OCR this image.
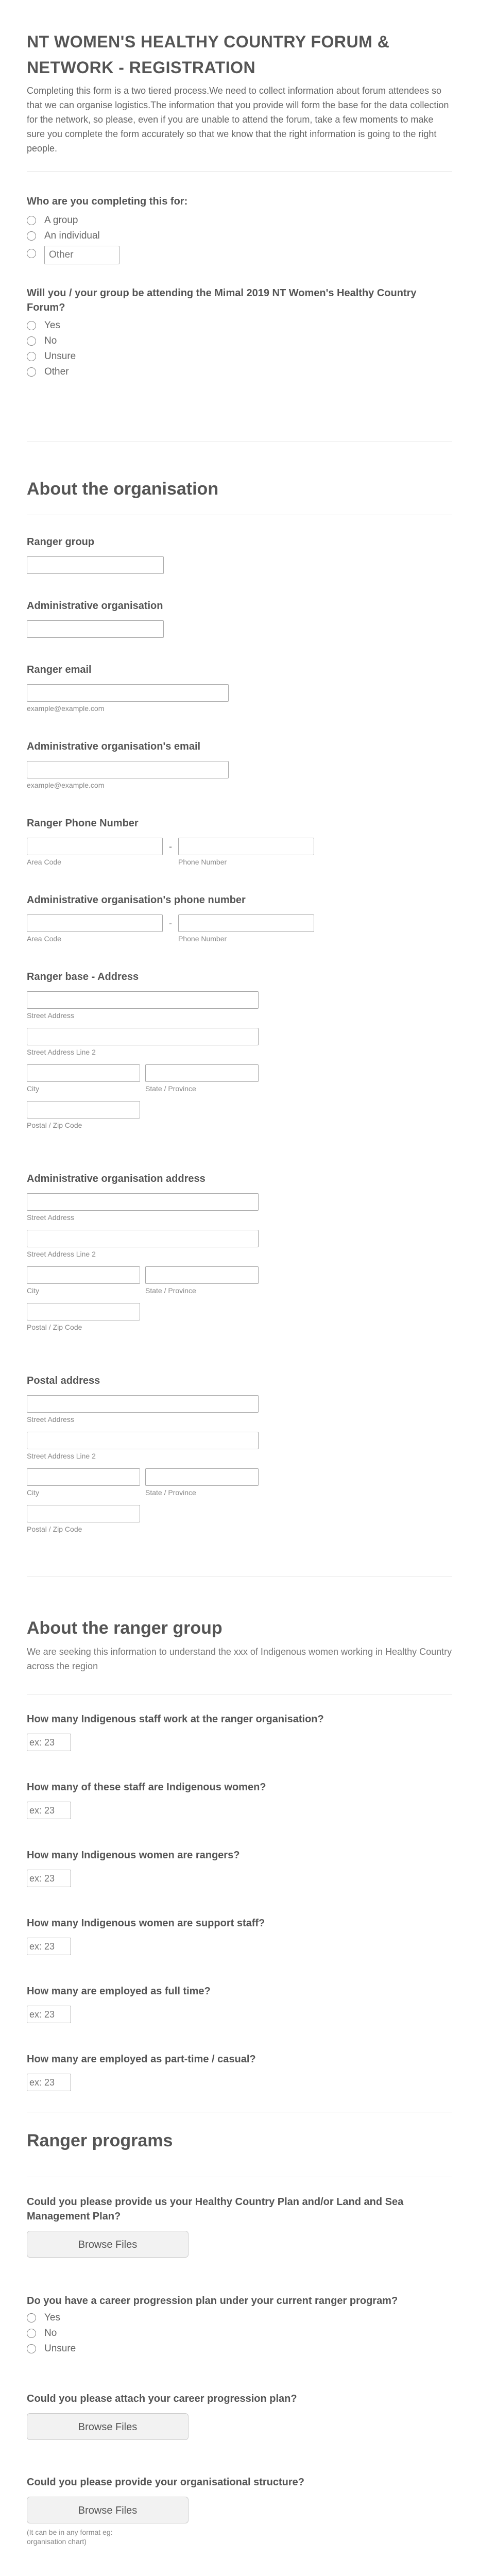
NT WOMEN'S HEALTHY COUNTRY FORUM & NETWORK - REGISTRATION
Completing this form is a two tiered process.We need to collect information about forum attendees so that we can organise logistics.The information that you provide will form the base for the data collection for the network, so please, even if you are unable to attend the forum, take a few moments to make sure you complete the form accurately so that we know that the right information is going to the right people.
Who are you completing this for:
A group
An individual
Other
Will you / your group be attending the Mimal 2019 NT Women's Healthy Country Forum?
Yes
No
Unsure
Other
About the organisation
Ranger group
Administrative organisation
Ranger email
example@example.com
Administrative organisation's email
example@example.com
Ranger Phone Number
Area Code
-
Phone Number
Administrative organisation's phone number
Area Code
-
Phone Number
Ranger base - Address
Street Address
Street Address Line 2
City	State / Province
Postal / Zip Code
Administrative organisation address
Street Address
Street Address Line 2
City	State / Province
Postal / Zip Code
Postal address
Street Address
Street Address Line 2
City	State / Province
Postal / Zip Code
About the ranger group

We are seeking this information to understand the xxx of Indigenous women working in Healthy Country across the region

How many Indigenous staff work at the ranger organisation?
ex: 23
How many of these staff are Indigenous women?
ex: 23
How many Indigenous women are rangers?
ex: 23
How many Indigenous women are support staff?
ex: 23
How many are employed as full time?
ex: 23
How many are employed as part-time / casual?
ex: 23
Ranger programs
Could you please provide us your Healthy Country Plan and/or Land and Sea Management Plan?
Browse Files
Do you have a career progression plan under your current ranger program?
Yes
No
Unsure
Could you please attach your career progression plan?
Browse Files
Could you please provide your organisational structure?
Browse Files
(It can be in any format eg: organisation chart)
